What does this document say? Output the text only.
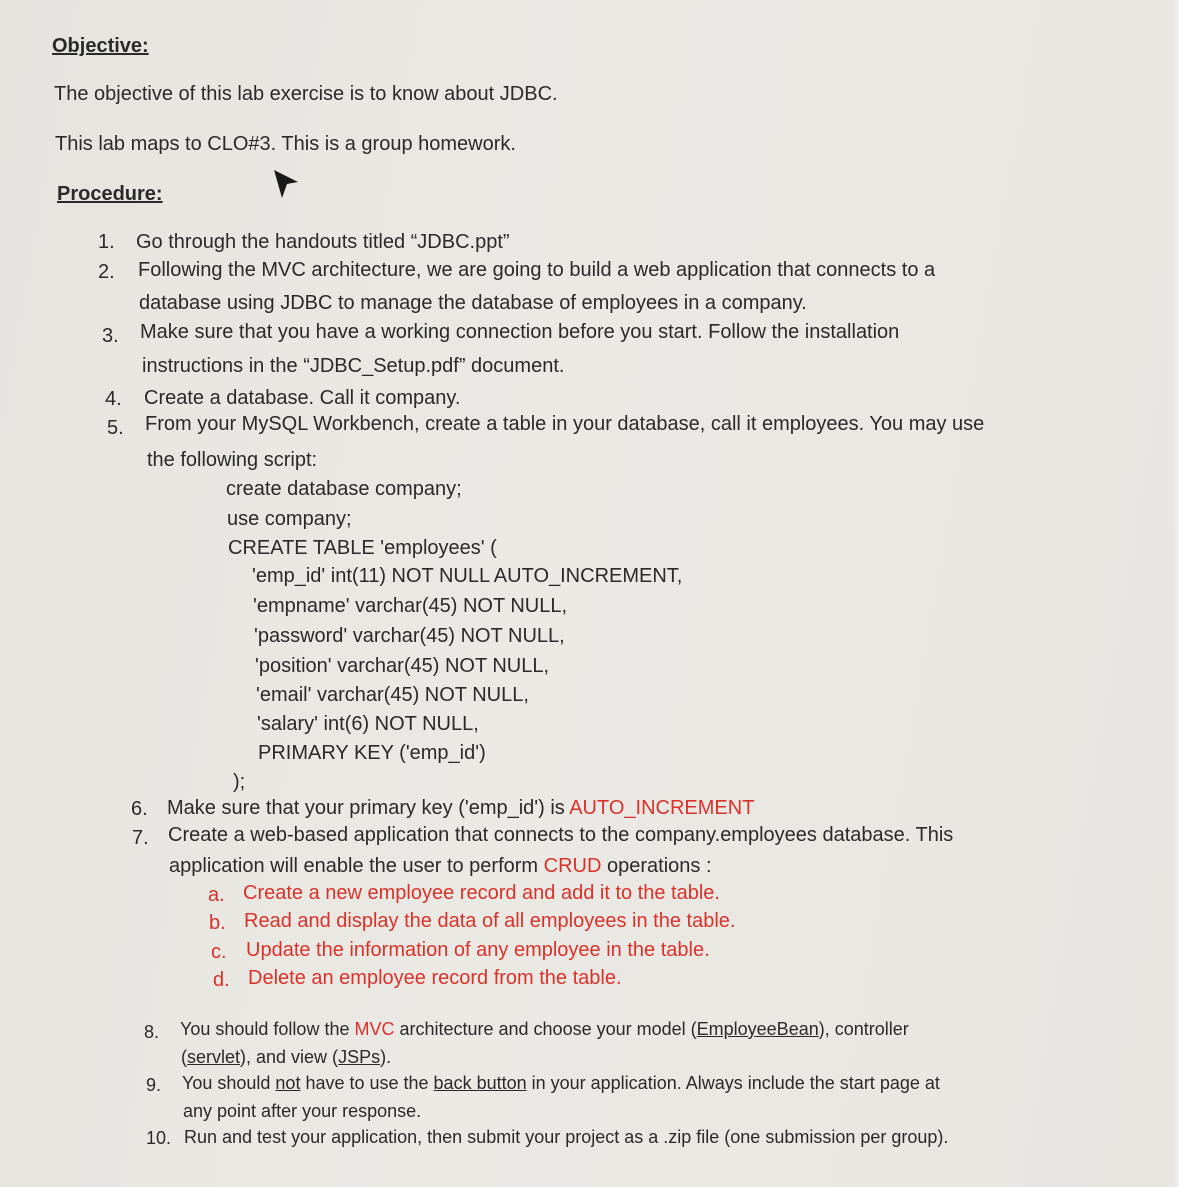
Objective:
The objective of this lab exercise is to know about JDBC.
This lab maps to CLO#3. This is a group homework.
Procedure:
1. Go through the handouts titled “JDBC.ppt”
2. Following the MVC architecture, we are going to build a web application that connects to a
database using JDBC to manage the database of employees in a company.
3. Make sure that you have a working connection before you start. Follow the installation
instructions in the “JDBC_Setup.pdf” document.
4. Create a database. Call it company.
5. From your MySQL Workbench, create a table in your database, call it employees. You may use
the following script:
create database company;
use company;
CREATE TABLE 'employees' (
'emp_id' int(11) NOT NULL AUTO_INCREMENT,
'empname' varchar(45) NOT NULL,
'password' varchar(45) NOT NULL,
'position' varchar(45) NOT NULL,
'email' varchar(45) NOT NULL,
'salary' int(6) NOT NULL,
PRIMARY KEY ('emp_id')
);
6. Make sure that your primary key ('emp_id') is AUTO_INCREMENT
7. Create a web-based application that connects to the company.employees database. This
application will enable the user to perform CRUD operations :
a. Create a new employee record and add it to the table.
b. Read and display the data of all employees in the table.
c. Update the information of any employee in the table.
d. Delete an employee record from the table.
8. You should follow the MVC architecture and choose your model (EmployeeBean), controller
(servlet), and view (JSPs).
9. You should not have to use the back button in your application. Always include the start page at
any point after your response.
10. Run and test your application, then submit your project as a .zip file (one submission per group).
